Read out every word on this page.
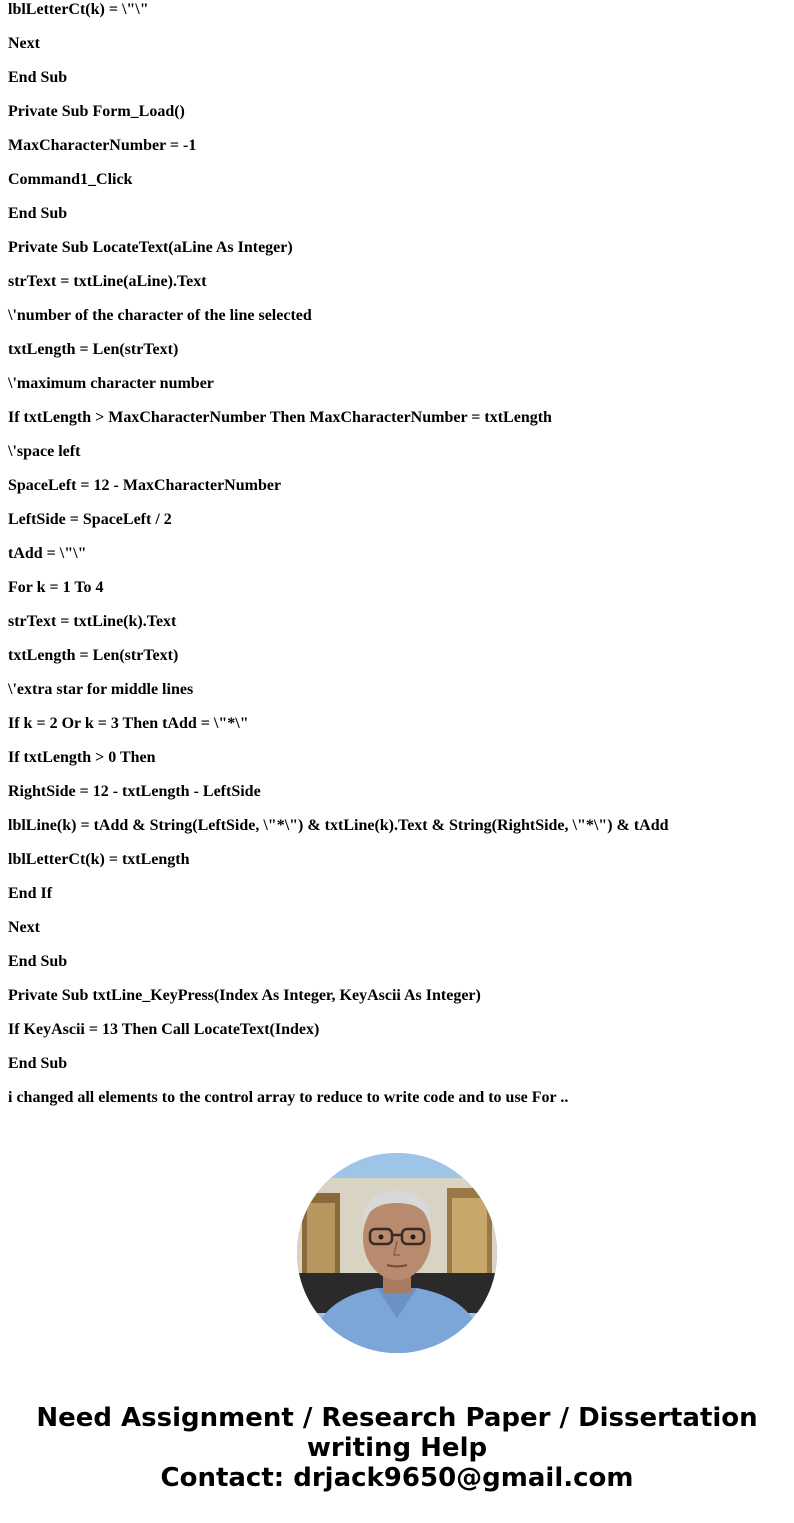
lblLetterCt(k) = \"\"

Next

End Sub

Private Sub Form_Load()

MaxCharacterNumber = -1

Command1_Click

End Sub

Private Sub LocateText(aLine As Integer)

strText = txtLine(aLine).Text

\'number of the character of the line selected

txtLength = Len(strText)

\'maximum character number

If txtLength > MaxCharacterNumber Then MaxCharacterNumber = txtLength

\'space left

SpaceLeft = 12 - MaxCharacterNumber

LeftSide = SpaceLeft / 2

tAdd = \"\"

For k = 1 To 4

strText = txtLine(k).Text

txtLength = Len(strText)

\'extra star for middle lines

If k = 2 Or k = 3 Then tAdd = \"*\"

If txtLength > 0 Then

RightSide = 12 - txtLength - LeftSide

lblLine(k) = tAdd & String(LeftSide, \"*\") & txtLine(k).Text & String(RightSide, \"*\") & tAdd

lblLetterCt(k) = txtLength

End If

Next

End Sub

Private Sub txtLine_KeyPress(Index As Integer, KeyAscii As Integer)

If KeyAscii = 13 Then Call LocateText(Index)

End Sub

i changed all elements to the control array to reduce to write code and to use For ..

Need Assignment / Research Paper / Dissertation
writing Help
Contact: drjack9650@gmail.com
